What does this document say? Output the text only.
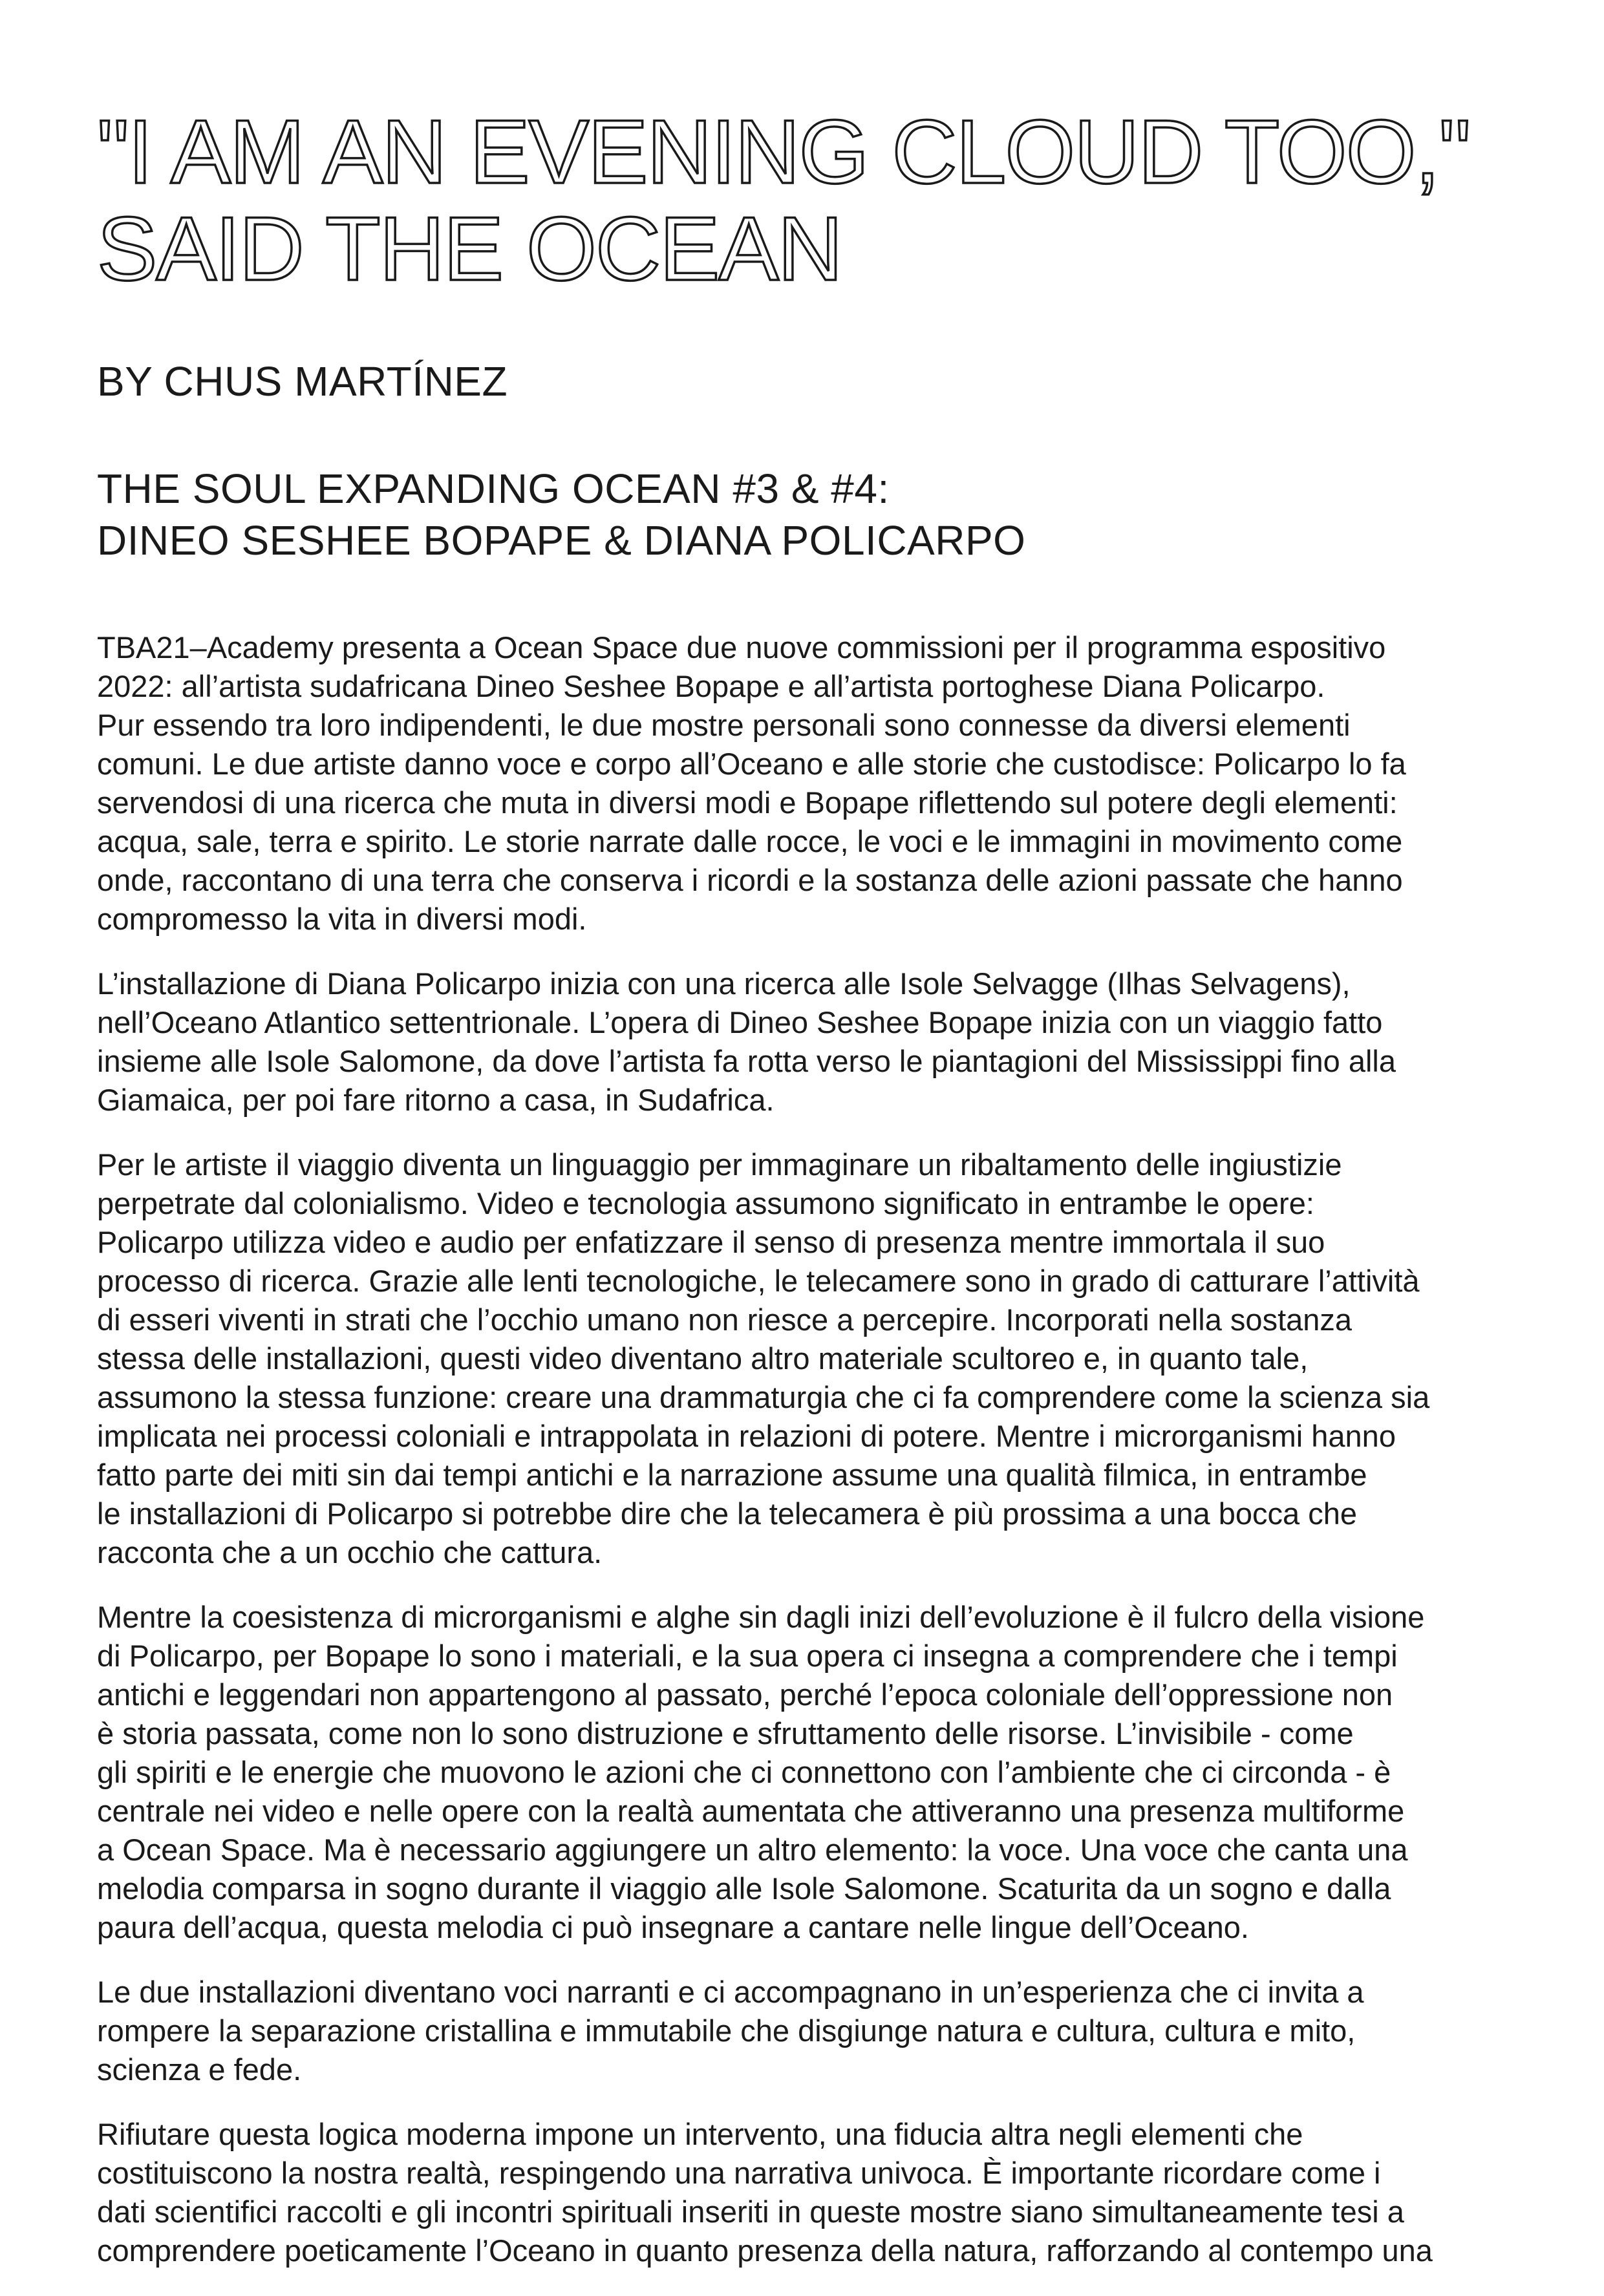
"I AM AN EVENING CLOUD TOO,"
SAID THE OCEAN

BY CHUS MARTÍNEZ

THE SOUL EXPANDING OCEAN #3 & #4:
DINEO SESHEE BOPAPE & DIANA POLICARPO

TBA21–Academy presenta a Ocean Space due nuove commissioni per il programma espositivo
2022: all’artista sudafricana Dineo Seshee Bopape e all’artista portoghese Diana Policarpo.
Pur essendo tra loro indipendenti, le due mostre personali sono connesse da diversi elementi
comuni. Le due artiste danno voce e corpo all’Oceano e alle storie che custodisce: Policarpo lo fa
servendosi di una ricerca che muta in diversi modi e Bopape riflettendo sul potere degli elementi:
acqua, sale, terra e spirito. Le storie narrate dalle rocce, le voci e le immagini in movimento come
onde, raccontano di una terra che conserva i ricordi e la sostanza delle azioni passate che hanno
compromesso la vita in diversi modi.

L’installazione di Diana Policarpo inizia con una ricerca alle Isole Selvagge (Ilhas Selvagens),
nell’Oceano Atlantico settentrionale. L’opera di Dineo Seshee Bopape inizia con un viaggio fatto
insieme alle Isole Salomone, da dove l’artista fa rotta verso le piantagioni del Mississippi fino alla
Giamaica, per poi fare ritorno a casa, in Sudafrica.

Per le artiste il viaggio diventa un linguaggio per immaginare un ribaltamento delle ingiustizie
perpetrate dal colonialismo. Video e tecnologia assumono significato in entrambe le opere:
Policarpo utilizza video e audio per enfatizzare il senso di presenza mentre immortala il suo
processo di ricerca. Grazie alle lenti tecnologiche, le telecamere sono in grado di catturare l’attività
di esseri viventi in strati che l’occhio umano non riesce a percepire. Incorporati nella sostanza
stessa delle installazioni, questi video diventano altro materiale scultoreo e, in quanto tale,
assumono la stessa funzione: creare una drammaturgia che ci fa comprendere come la scienza sia
implicata nei processi coloniali e intrappolata in relazioni di potere. Mentre i microrganismi hanno
fatto parte dei miti sin dai tempi antichi e la narrazione assume una qualità filmica, in entrambe
le installazioni di Policarpo si potrebbe dire che la telecamera è più prossima a una bocca che
racconta che a un occhio che cattura.

Mentre la coesistenza di microrganismi e alghe sin dagli inizi dell’evoluzione è il fulcro della visione
di Policarpo, per Bopape lo sono i materiali, e la sua opera ci insegna a comprendere che i tempi
antichi e leggendari non appartengono al passato, perché l’epoca coloniale dell’oppressione non
è storia passata, come non lo sono distruzione e sfruttamento delle risorse. L’invisibile - come
gli spiriti e le energie che muovono le azioni che ci connettono con l’ambiente che ci circonda - è
centrale nei video e nelle opere con la realtà aumentata che attiveranno una presenza multiforme
a Ocean Space. Ma è necessario aggiungere un altro elemento: la voce. Una voce che canta una
melodia comparsa in sogno durante il viaggio alle Isole Salomone. Scaturita da un sogno e dalla
paura dell’acqua, questa melodia ci può insegnare a cantare nelle lingue dell’Oceano.

Le due installazioni diventano voci narranti e ci accompagnano in un’esperienza che ci invita a
rompere la separazione cristallina e immutabile che disgiunge natura e cultura, cultura e mito,
scienza e fede.

Rifiutare questa logica moderna impone un intervento, una fiducia altra negli elementi che
costituiscono la nostra realtà, respingendo una narrativa univoca. È importante ricordare come i
dati scientifici raccolti e gli incontri spirituali inseriti in queste mostre siano simultaneamente tesi a
comprendere poeticamente l’Oceano in quanto presenza della natura, rafforzando al contempo una
